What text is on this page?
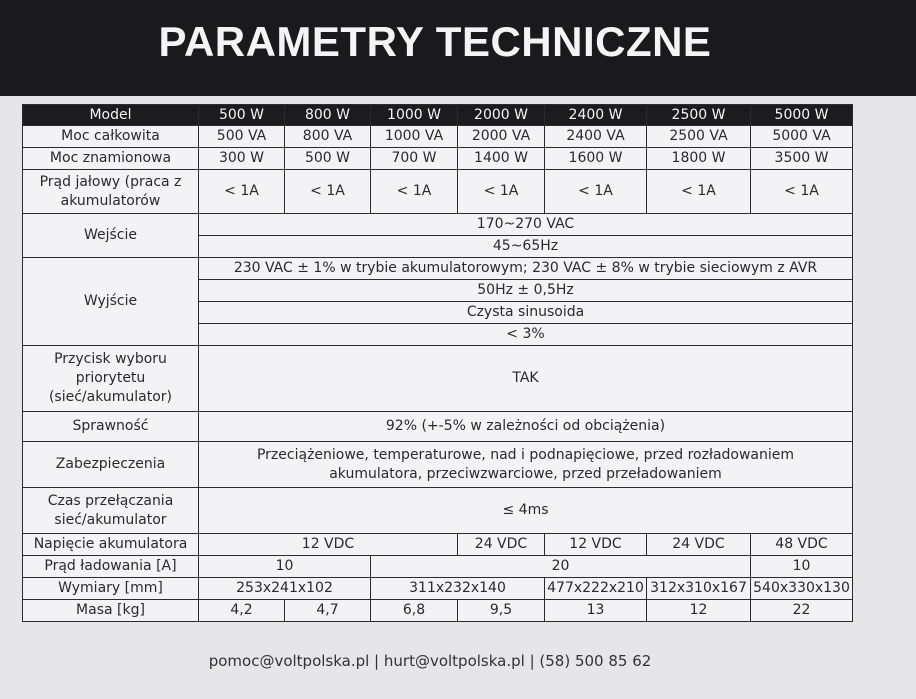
PARAMETRY TECHNICZNE
Model	500 W	800 W	1000 W	2000 W	2400 W	2500 W	5000 W
Moc całkowita	500 VA	800 VA	1000 VA	2000 VA	2400 VA	2500 VA	5000 VA
Moc znamionowa	300 W	500 W	700 W	1400 W	1600 W	1800 W	3500 W

Prąd jałowy (praca z
akumulatorów	< 1A	< 1A	< 1A	< 1A	< 1A	< 1A	< 1A
Wejście	170~270 VAC						
	45~65Hz						
Wyjście	230 VAC ± 1% w trybie akumulatorowym; 230 VAC ± 8% w trybie sieciowym z AVR						
	50Hz ± 0,5Hz						
	Czysta sinusoida						
	< 3%						

Przycisk wyboru
priorytetu
(sieć/akumulator)	TAK						
Sprawność	92% (+-5% w zależności od obciążenia)						
Zabezpieczenia	Przeciążeniowe, temperaturowe, nad i podnapięciowe, przed rozładowaniem
akumulatora, przeciwzwarciowe, przed przeładowaniem						

Czas przełączania
sieć/akumulator	≤ 4ms						
Napięcie akumulatora	12 VDC			24 VDC	12 VDC	24 VDC	48 VDC
Prąd ładowania [A]	10		20				10
Wymiary [mm]	253x241x102		311x232x140		477x222x210	312x310x167	540x330x130
Masa [kg]	4,2	4,7	6,8	9,5	13	12	22
pomoc@voltpolska.pl | hurt@voltpolska.pl | (58) 500 85 62
